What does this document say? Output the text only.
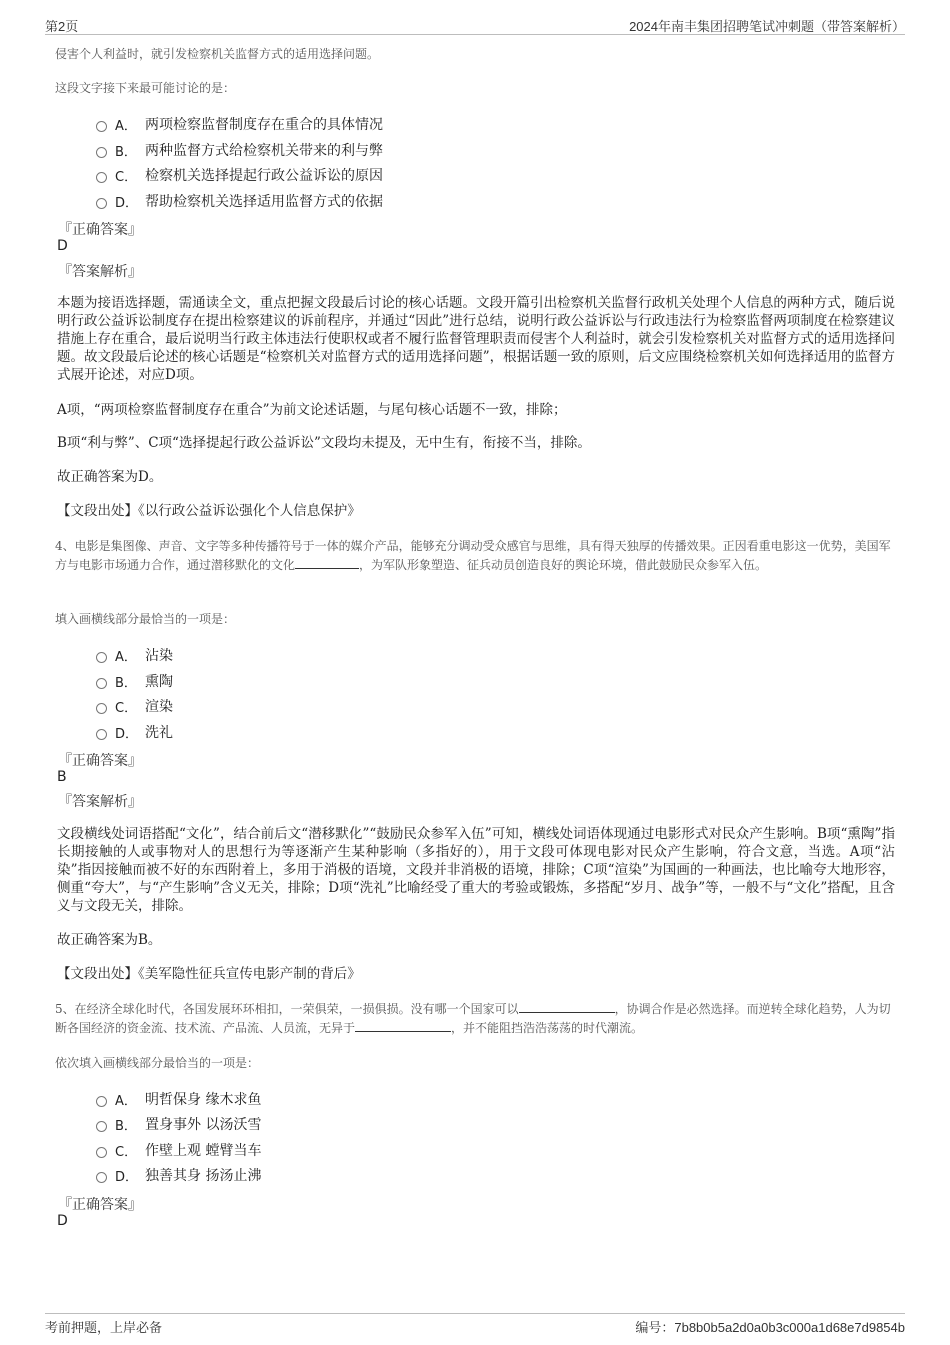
第2页	2024年南丰集团招聘笔试冲刺题（带答案解析）
侵害个人利益时，就引发检察机关监督方式的适用选择问题。
这段文字接下来最可能讨论的是：
A． 两项检察监督制度存在重合的具体情况
B． 两种监督方式给检察机关带来的利与弊
C． 检察机关选择提起行政公益诉讼的原因
D． 帮助检察机关选择适用监督方式的依据
『正确答案』
D
『答案解析』
本题为接语选择题，需通读全文，重点把握文段最后讨论的核心话题。文段开篇引出检察机关监督行政机关处理个人信息的两种方式，随后说明行政公益诉讼制度存在提出检察建议的诉前程序，并通过“因此”进行总结，说明行政公益诉讼与行政违法行为检察监督两项制度在检察建议措施上存在重合，最后说明当行政主体违法行使职权或者不履行监督管理职责而侵害个人利益时，就会引发检察机关对监督方式的适用选择问题。故文段最后论述的核心话题是“检察机关对监督方式的适用选择问题”，根据话题一致的原则，后文应围绕检察机关如何选择适用的监督方式展开论述，对应D项。
A项，“两项检察监督制度存在重合”为前文论述话题，与尾句核心话题不一致，排除；
B项“利与弊”、C项“选择提起行政公益诉讼”文段均未提及，无中生有，衔接不当，排除。
故正确答案为D。
【文段出处】《以行政公益诉讼强化个人信息保护》
4、电影是集图像、声音、文字等多种传播符号于一体的媒介产品，能够充分调动受众感官与思维，具有得天独厚的传播效果。正因看重电影这一优势，美国军方与电影市场通力合作，通过潜移默化的文化	，为军队形象塑造、征兵动员创造良好的舆论环境，借此鼓励民众参军入伍。
填入画横线部分最恰当的一项是：
A． 沾染
B． 熏陶
C． 渲染
D． 洗礼
『正确答案』
B
『答案解析』
文段横线处词语搭配“文化”，结合前后文“潜移默化”“鼓励民众参军入伍”可知，横线处词语体现通过电影形式对民众产生影响。B项“熏陶”指长期接触的人或事物对人的思想行为等逐渐产生某种影响（多指好的），用于文段可体现电影对民众产生影响，符合文意，当选。A项“沾染”指因接触而被不好的东西附着上，多用于消极的语境，文段并非消极的语境，排除；C项“渲染”为国画的一种画法，也比喻夸大地形容，侧重“夸大”，与“产生影响”含义无关，排除；D项“洗礼”比喻经受了重大的考验或锻炼，多搭配“岁月、战争”等，一般不与“文化”搭配，且含义与文段无关，排除。
故正确答案为B。
【文段出处】《美军隐性征兵宣传电影产制的背后》
5、在经济全球化时代，各国发展环环相扣，一荣俱荣，一损俱损。没有哪一个国家可以	，协调合作是必然选择。而逆转全球化趋势，人为切断各国经济的资金流、技术流、产品流、人员流，无异于	，并不能阻挡浩浩荡荡的时代潮流。
依次填入画横线部分最恰当的一项是：
A． 明哲保身 缘木求鱼
B． 置身事外 以汤沃雪
C． 作壁上观 螳臂当车
D． 独善其身 扬汤止沸
『正确答案』
D
考前押题，上岸必备	编号：7b8b0b5a2d0a0b3c000a1d68e7d9854b
